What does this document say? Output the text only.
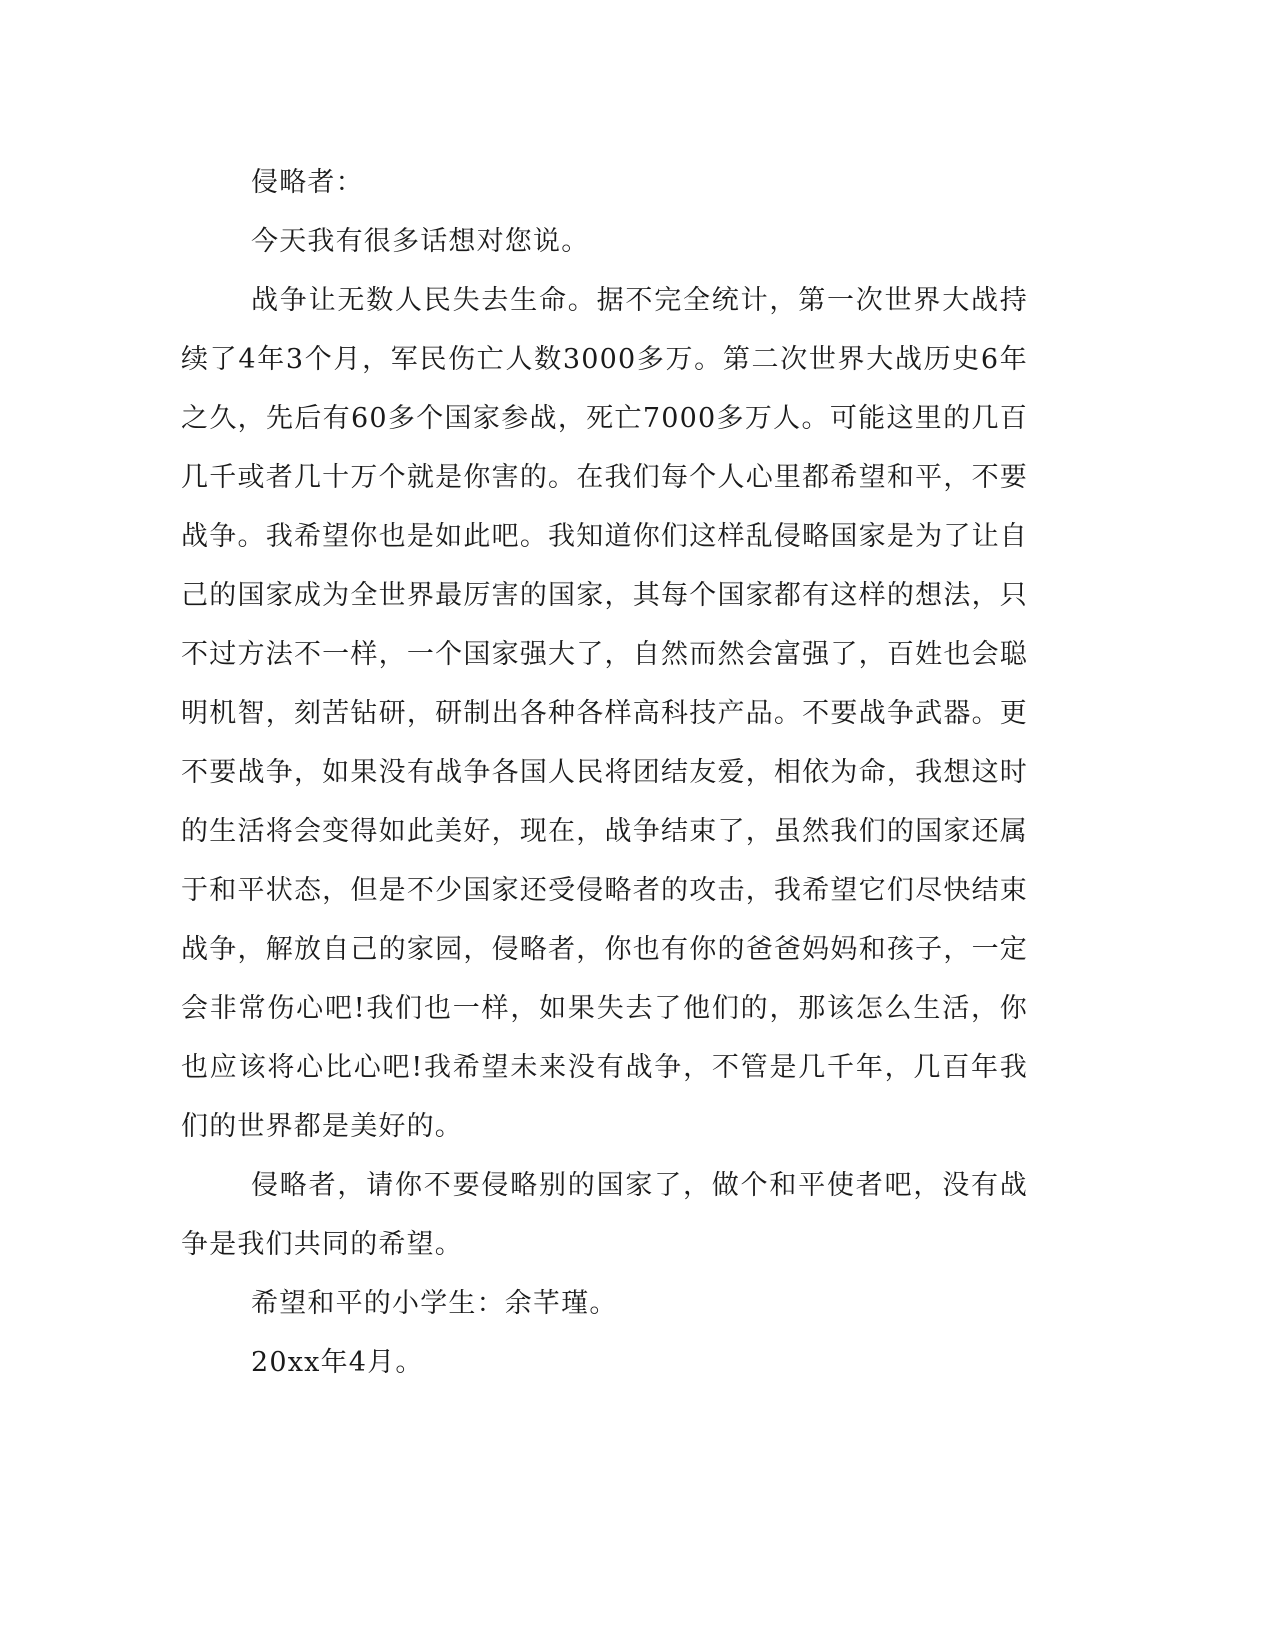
侵略者：

今天我有很多话想对您说。

战争让无数人民失去生命。据不完全统计，第一次世界大战持续了4年3个月，军民伤亡人数3000多万。第二次世界大战历史6年之久，先后有60多个国家参战，死亡7000多万人。可能这里的几百几千或者几十万个就是你害的。在我们每个人心里都希望和平，不要战争。我希望你也是如此吧。我知道你们这样乱侵略国家是为了让自己的国家成为全世界最厉害的国家，其每个国家都有这样的想法，只不过方法不一样，一个国家强大了，自然而然会富强了，百姓也会聪明机智，刻苦钻研，研制出各种各样高科技产品。不要战争武器。更不要战争，如果没有战争各国人民将团结友爱，相依为命，我想这时的生活将会变得如此美好，现在，战争结束了，虽然我们的国家还属于和平状态，但是不少国家还受侵略者的攻击，我希望它们尽快结束战争，解放自己的家园，侵略者，你也有你的爸爸妈妈和孩子，一定会非常伤心吧!我们也一样，如果失去了他们的，那该怎么生活，你也应该将心比心吧!我希望未来没有战争，不管是几千年，几百年我们的世界都是美好的。

侵略者，请你不要侵略别的国家了，做个和平使者吧，没有战争是我们共同的希望。

希望和平的小学生：余芊瑾。

20xx年4月。
